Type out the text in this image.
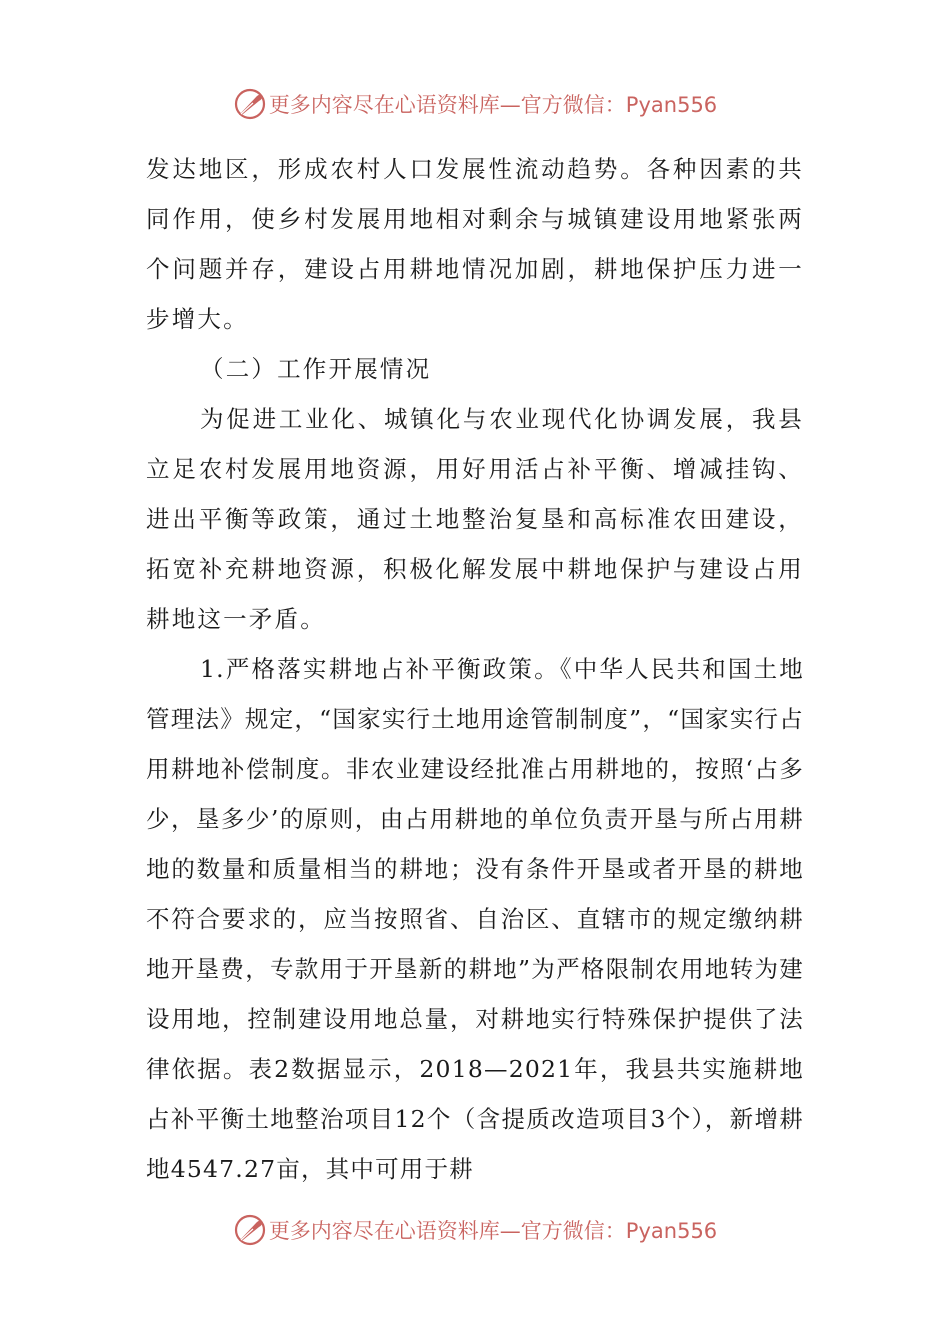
更多内容尽在心语资料库—官方微信：Pyan556

发达地区，形成农村人口发展性流动趋势。各种因素的共同作用，使乡村发展用地相对剩余与城镇建设用地紧张两个问题并存，建设占用耕地情况加剧，耕地保护压力进一步增大。

（二）工作开展情况

为促进工业化、城镇化与农业现代化协调发展，我县立足农村发展用地资源，用好用活占补平衡、增减挂钩、进出平衡等政策，通过土地整治复垦和高标准农田建设，拓宽补充耕地资源，积极化解发展中耕地保护与建设占用耕地这一矛盾。

1.严格落实耕地占补平衡政策。《中华人民共和国土地管理法》规定，“国家实行土地用途管制制度”，“国家实行占用耕地补偿制度。非农业建设经批准占用耕地的，按照‘占多少，垦多少’的原则，由占用耕地的单位负责开垦与所占用耕地的数量和质量相当的耕地；没有条件开垦或者开垦的耕地不符合要求的，应当按照省、自治区、直辖市的规定缴纳耕地开垦费，专款用于开垦新的耕地”为严格限制农用地转为建设用地，控制建设用地总量，对耕地实行特殊保护提供了法律依据。表2数据显示，2018—2021年，我县共实施耕地占补平衡土地整治项目12个（含提质改造项目3个），新增耕地4547.27亩，其中可用于耕

更多内容尽在心语资料库—官方微信：Pyan556
